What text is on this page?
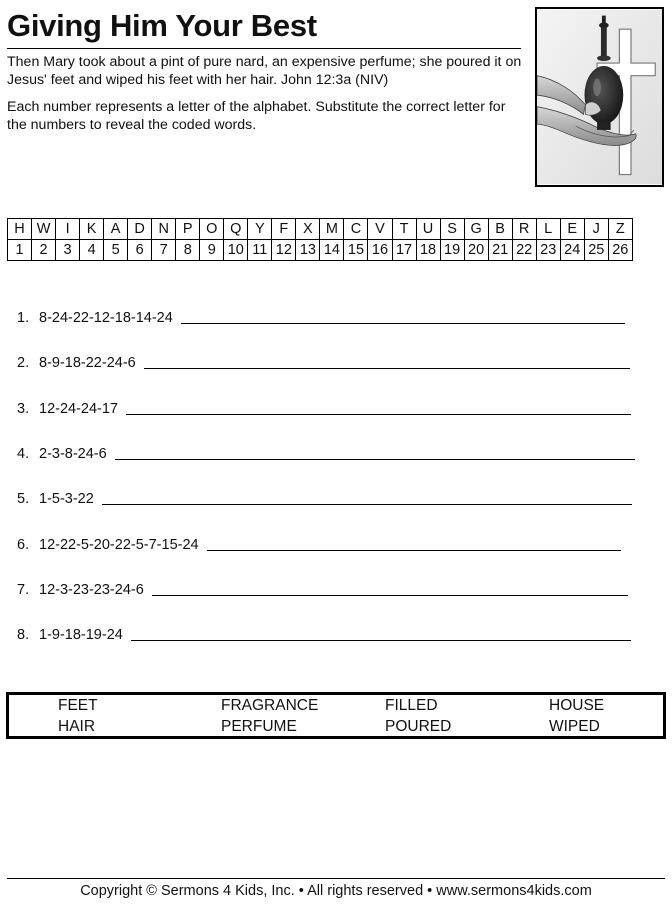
Giving Him Your Best

Then Mary took about a pint of pure nard, an expensive perfume; she poured it on Jesus' feet and wiped his feet with her hair. John 12:3a (NIV)

Each number represents a letter of the alphabet. Substitute the correct letter for the numbers to reveal the coded words.

H	W	I	K	A	D	N	P	O	Q	Y	F	X	M	C	V	T	U	S	G	B	R	L	E	J	Z
1	2	3	4	5	6	7	8	9	10	11	12	13	14	15	16	17	18	19	20	21	22	23	24	25	26
1. 8-24-22-12-18-14-24
2. 8-9-18-22-24-6
3. 12-24-24-17
4. 2-3-8-24-6
5. 1-5-3-22
6. 12-22-5-20-22-5-7-15-24
7. 12-3-23-23-24-6
8. 1-9-18-19-24
FEET	FRAGRANCE	FILLED	HOUSE
HAIR	PERFUME	POURED	WIPED
Copyright © Sermons 4 Kids, Inc. • All rights reserved • www.sermons4kids.com
